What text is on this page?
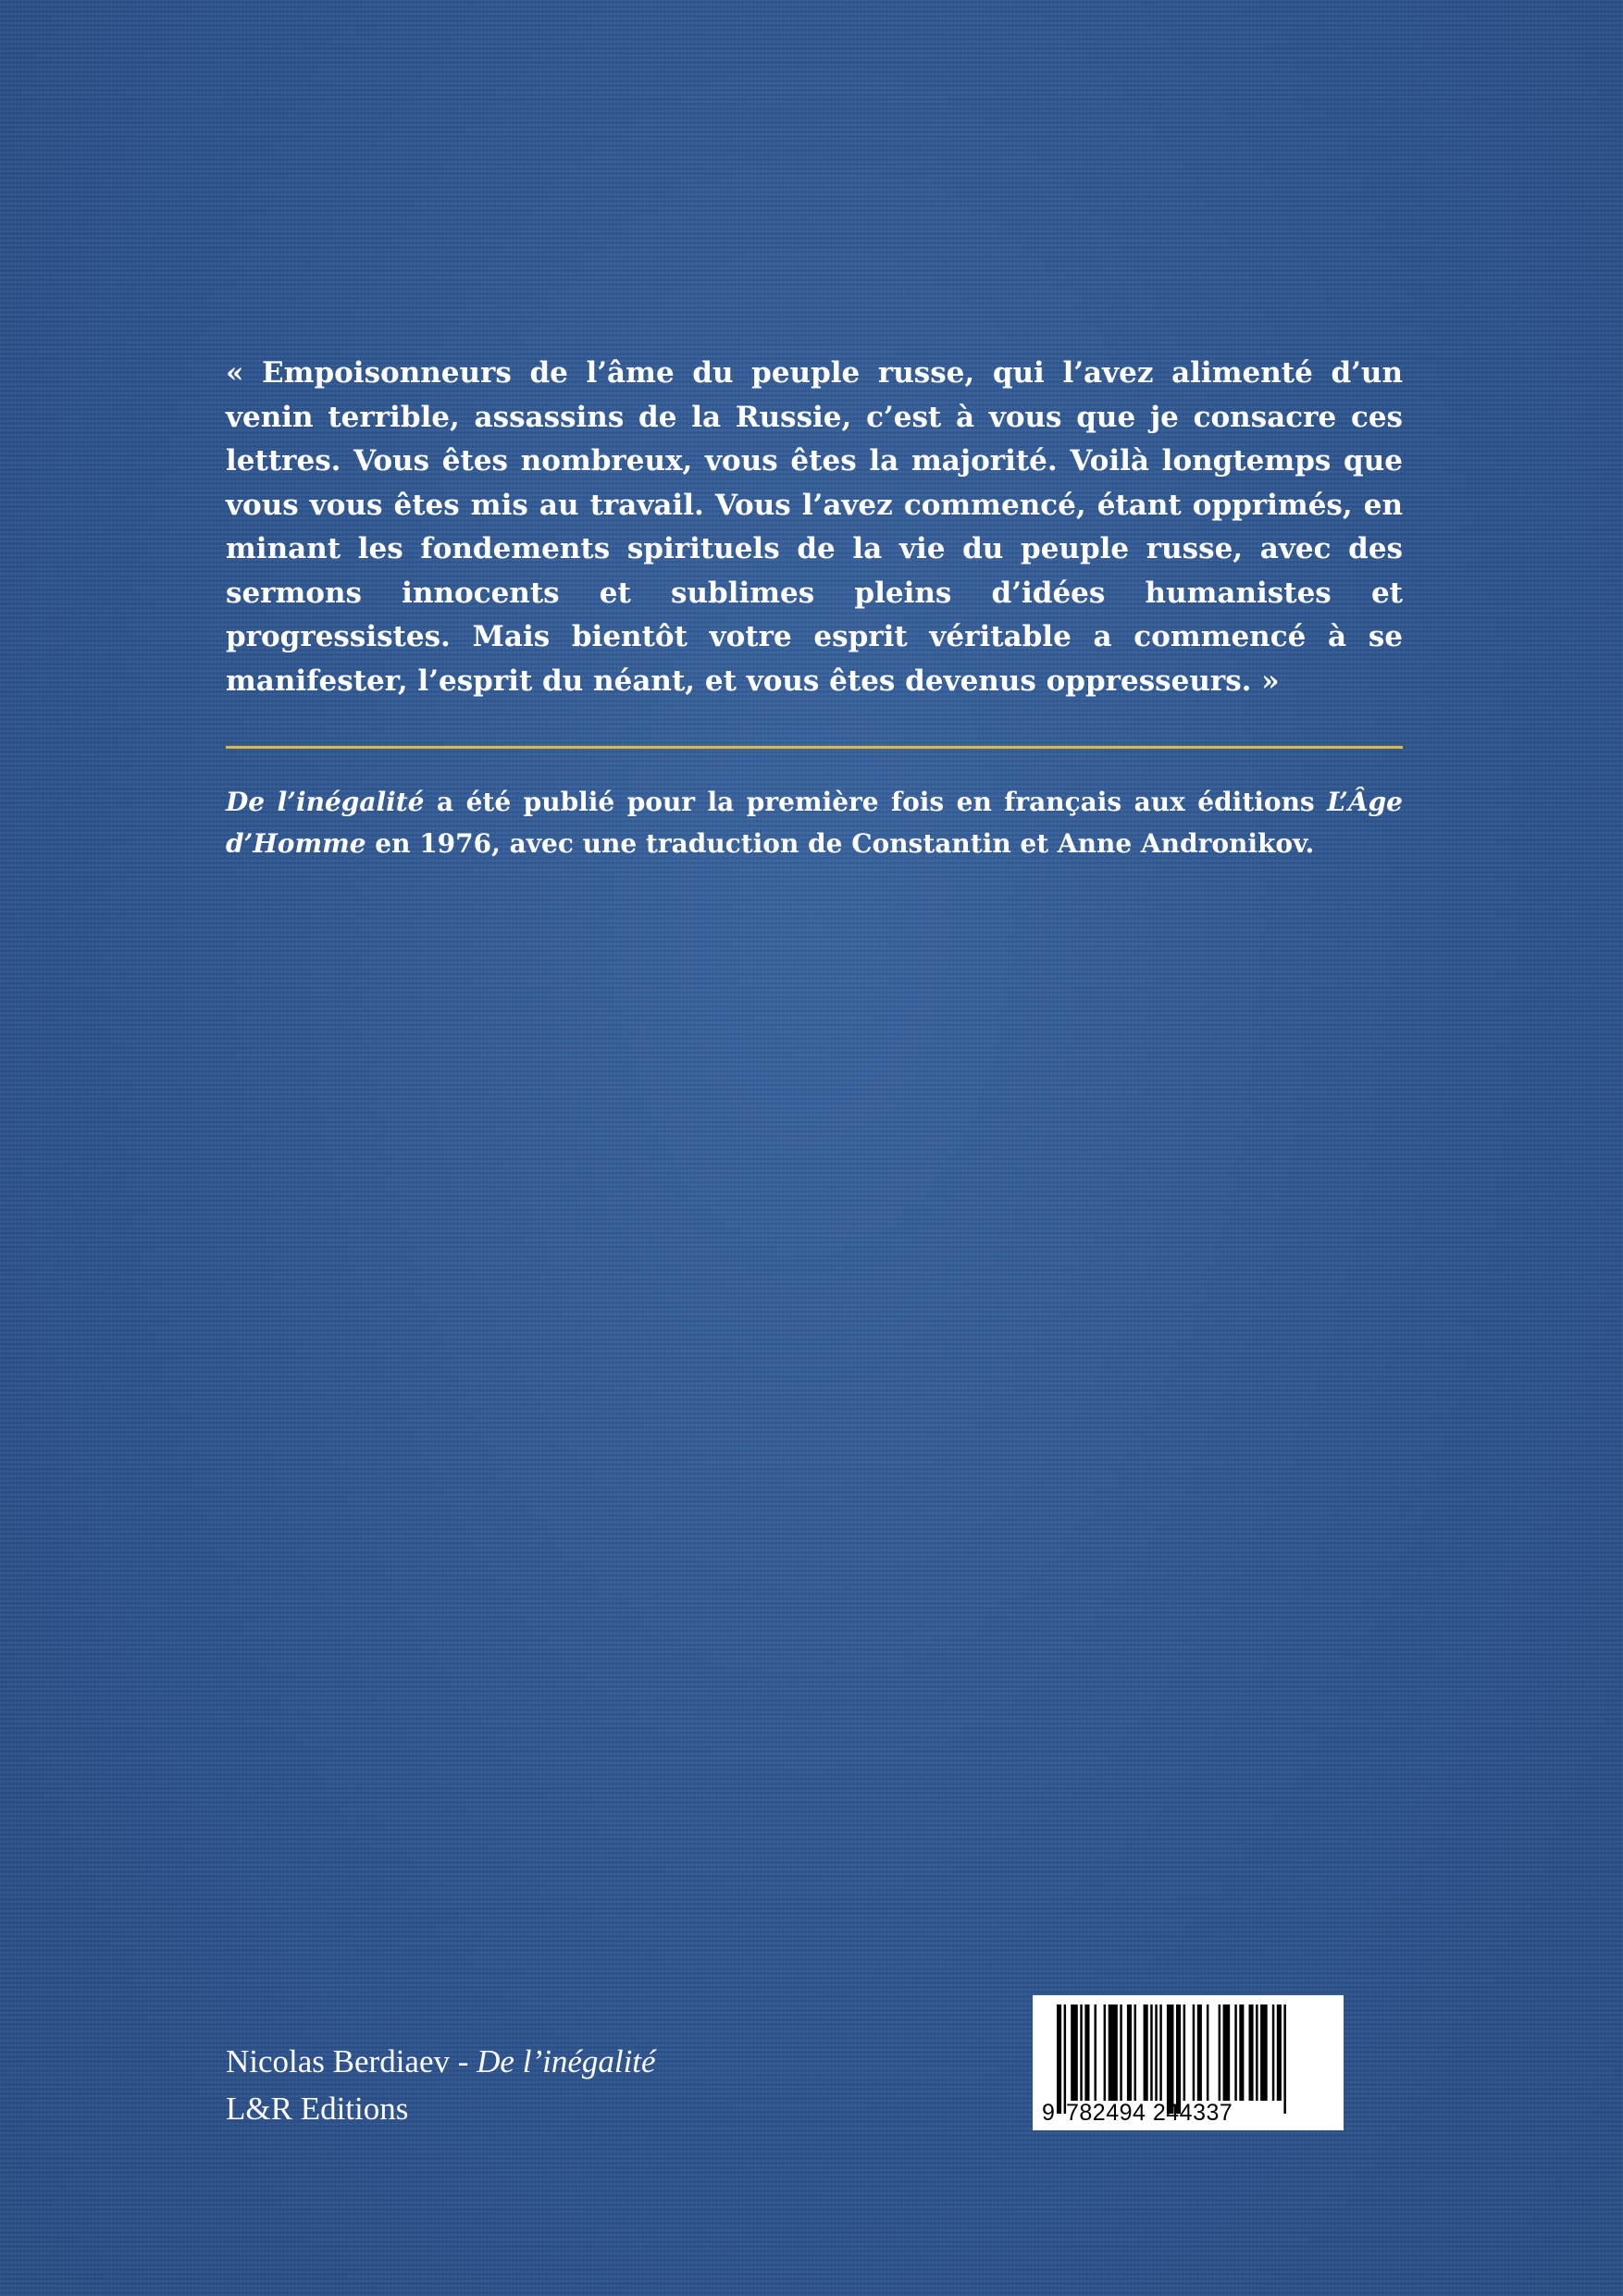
« Empoisonneurs de l’âme du peuple russe, qui l’avez alimenté d’un venin terrible, assassins de la Russie, c’est à vous que je consacre ces lettres. Vous êtes nombreux, vous êtes la majorité. Voilà longtemps que vous vous êtes mis au travail. Vous l’avez commencé, étant opprimés, en minant les fondements spirituels de la vie du peuple russe, avec des sermons innocents et sublimes pleins d’idées humanistes et progressistes. Mais bientôt votre esprit véritable a commencé à se manifester, l’esprit du néant, et vous êtes devenus oppresseurs. »

De l’inégalité a été publié pour la première fois en français aux éditions L’Âge d’Homme en 1976, avec une traduction de Constantin et Anne Andronikov.

Nicolas Berdiaev - De l’inégalité
L&R Editions	9 782494 244337
